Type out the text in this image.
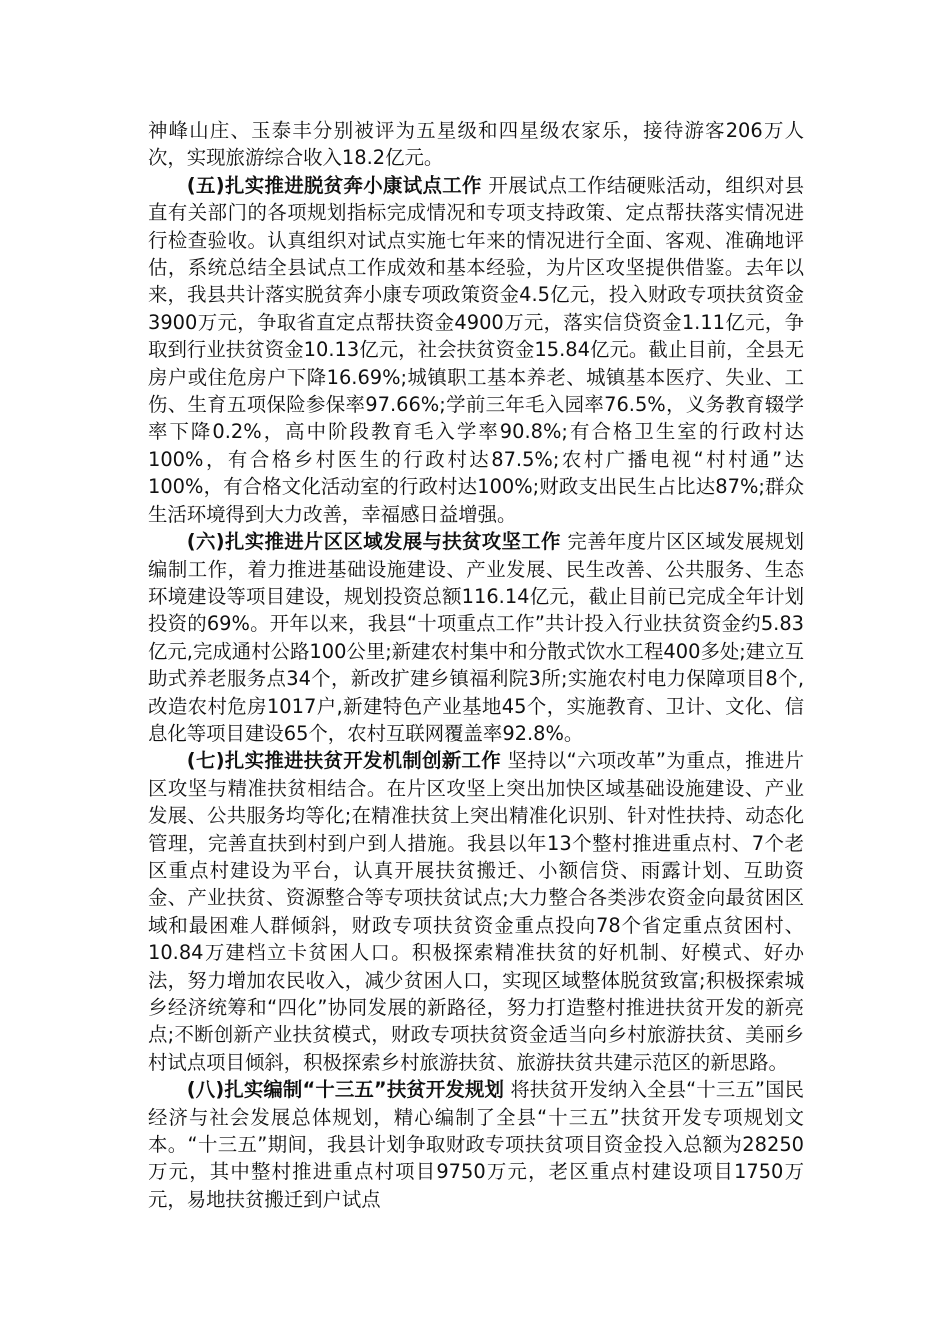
神峰山庄、玉泰丰分别被评为五星级和四星级农家乐，接待游客206万人次，实现旅游综合收入18.2亿元。

(五)扎实推进脱贫奔小康试点工作 开展试点工作结硬账活动，组织对县直有关部门的各项规划指标完成情况和专项支持政策、定点帮扶落实情况进行检查验收。认真组织对试点实施七年来的情况进行全面、客观、准确地评估，系统总结全县试点工作成效和基本经验，为片区攻坚提供借鉴。去年以来，我县共计落实脱贫奔小康专项政策资金4.5亿元，投入财政专项扶贫资金3900万元，争取省直定点帮扶资金4900万元，落实信贷资金1.11亿元，争取到行业扶贫资金10.13亿元，社会扶贫资金15.84亿元。截止目前，全县无房户或住危房户下降16.69%;城镇职工基本养老、城镇基本医疗、失业、工伤、生育五项保险参保率97.66%;学前三年毛入园率76.5%，义务教育辍学率下降0.2%，高中阶段教育毛入学率90.8%;有合格卫生室的行政村达100%，有合格乡村医生的行政村达87.5%;农村广播电视“村村通”达100%，有合格文化活动室的行政村达100%;财政支出民生占比达87%;群众生活环境得到大力改善，幸福感日益增强。

(六)扎实推进片区区域发展与扶贫攻坚工作 完善年度片区区域发展规划编制工作，着力推进基础设施建设、产业发展、民生改善、公共服务、生态环境建设等项目建设，规划投资总额116.14亿元，截止目前已完成全年计划投资的69%。开年以来，我县“十项重点工作”共计投入行业扶贫资金约5.83亿元,完成通村公路100公里;新建农村集中和分散式饮水工程400多处;建立互助式养老服务点34个，新改扩建乡镇福利院3所;实施农村电力保障项目8个,改造农村危房1017户,新建特色产业基地45个，实施教育、卫计、文化、信息化等项目建设65个，农村互联网覆盖率92.8%。

(七)扎实推进扶贫开发机制创新工作 坚持以“六项改革”为重点，推进片区攻坚与精准扶贫相结合。在片区攻坚上突出加快区域基础设施建设、产业发展、公共服务均等化;在精准扶贫上突出精准化识别、针对性扶持、动态化管理，完善直扶到村到户到人措施。我县以年13个整村推进重点村、7个老区重点村建设为平台，认真开展扶贫搬迁、小额信贷、雨露计划、互助资金、产业扶贫、资源整合等专项扶贫试点;大力整合各类涉农资金向最贫困区域和最困难人群倾斜，财政专项扶贫资金重点投向78个省定重点贫困村、 10.84万建档立卡贫困人口。积极探索精准扶贫的好机制、好模式、好办法，努力增加农民收入，减少贫困人口，实现区域整体脱贫致富;积极探索城乡经济统筹和“四化”协同发展的新路径，努力打造整村推进扶贫开发的新亮点;不断创新产业扶贫模式，财政专项扶贫资金适当向乡村旅游扶贫、美丽乡村试点项目倾斜，积极探索乡村旅游扶贫、旅游扶贫共建示范区的新思路。

(八)扎实编制“十三五”扶贫开发规划 将扶贫开发纳入全县“十三五”国民经济与社会发展总体规划，精心编制了全县“十三五”扶贫开发专项规划文本。“十三五”期间，我县计划争取财政专项扶贫项目资金投入总额为28250万元，其中整村推进重点村项目9750万元，老区重点村建设项目1750万元，易地扶贫搬迁到户试点
